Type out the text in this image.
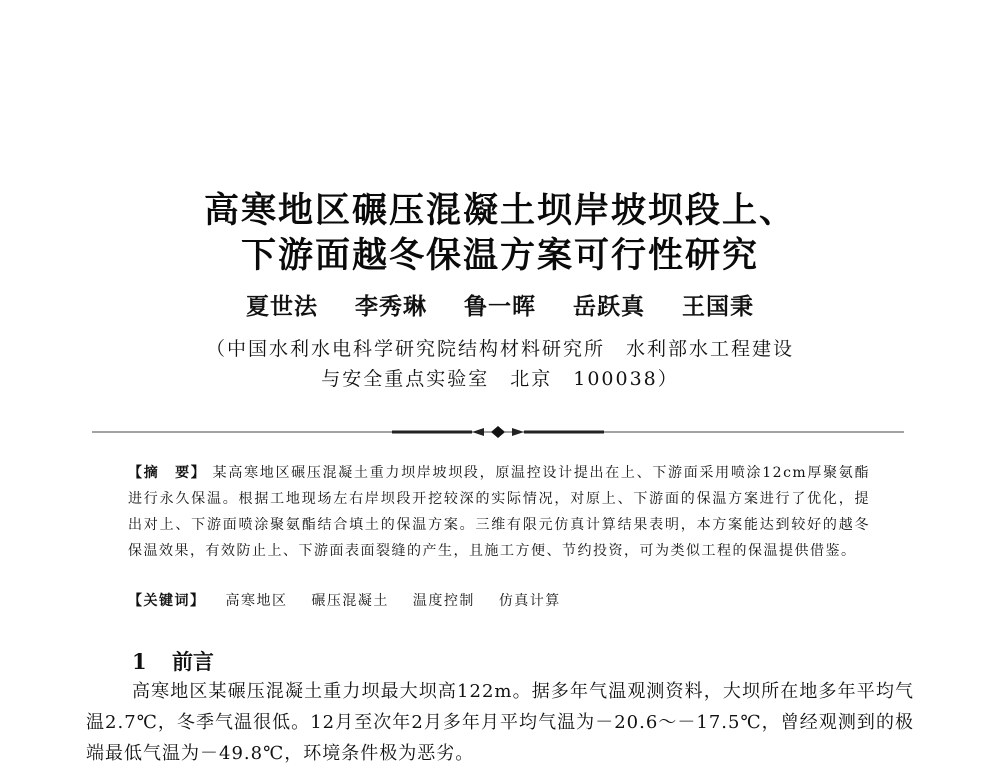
高寒地区碾压混凝土坝岸坡坝段上、
下游面越冬保温方案可行性研究
夏世法 李秀琳 鲁一晖 岳跃真 王国秉
（中国水利水电科学研究院结构材料研究所　水利部水工程建设
与安全重点实验室　北京　100038）
【摘　要】 某高寒地区碾压混凝土重力坝岸坡坝段，原温控设计提出在上、下游面采用喷涂12cm厚聚氨酯进行永久保温。根据工地现场左右岸坝段开挖较深的实际情况，对原上、下游面的保温方案进行了优化，提出对上、下游面喷涂聚氨酯结合填土的保温方案。三维有限元仿真计算结果表明，本方案能达到较好的越冬保温效果，有效防止上、下游面表面裂缝的产生，且施工方便、节约投资，可为类似工程的保温提供借鉴。
【关键词】 高寒地区 碾压混凝土 温度控制 仿真计算
1 前言
高寒地区某碾压混凝土重力坝最大坝高122m。据多年气温观测资料，大坝所在地多年平均气温2.7℃，冬季气温很低。12月至次年2月多年月平均气温为－20.6～－17.5℃，曾经观测到的极端最低气温为－49.8℃，环境条件极为恶劣。
